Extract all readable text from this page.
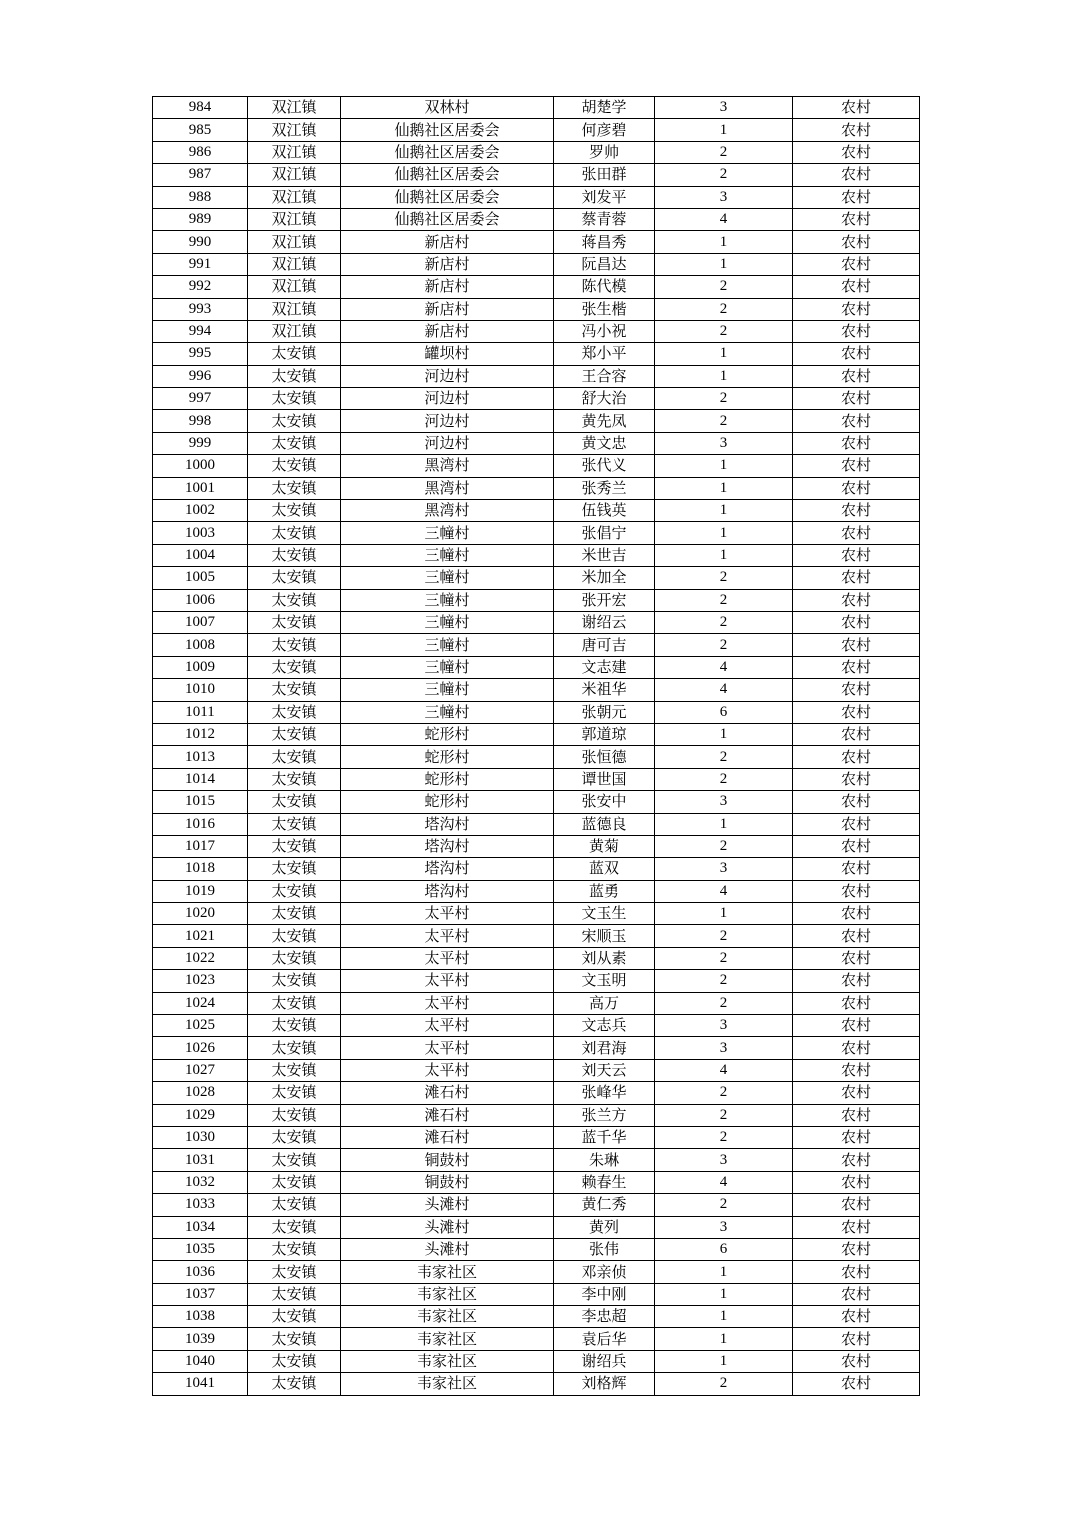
984	双江镇	双林村	胡楚学	3	农村
985	双江镇	仙鹅社区居委会	何彦碧	1	农村
986	双江镇	仙鹅社区居委会	罗帅	2	农村
987	双江镇	仙鹅社区居委会	张田群	2	农村
988	双江镇	仙鹅社区居委会	刘发平	3	农村
989	双江镇	仙鹅社区居委会	蔡青蓉	4	农村
990	双江镇	新店村	蒋昌秀	1	农村
991	双江镇	新店村	阮昌达	1	农村
992	双江镇	新店村	陈代模	2	农村
993	双江镇	新店村	张生楷	2	农村
994	双江镇	新店村	冯小祝	2	农村
995	太安镇	罐坝村	郑小平	1	农村
996	太安镇	河边村	王合容	1	农村
997	太安镇	河边村	舒大治	2	农村
998	太安镇	河边村	黄先凤	2	农村
999	太安镇	河边村	黄文忠	3	农村
1000	太安镇	黑湾村	张代义	1	农村
1001	太安镇	黑湾村	张秀兰	1	农村
1002	太安镇	黑湾村	伍钱英	1	农村
1003	太安镇	三幢村	张倡宁	1	农村
1004	太安镇	三幢村	米世吉	1	农村
1005	太安镇	三幢村	米加全	2	农村
1006	太安镇	三幢村	张开宏	2	农村
1007	太安镇	三幢村	谢绍云	2	农村
1008	太安镇	三幢村	唐可吉	2	农村
1009	太安镇	三幢村	文志建	4	农村
1010	太安镇	三幢村	米祖华	4	农村
1011	太安镇	三幢村	张朝元	6	农村
1012	太安镇	蛇形村	郭道琼	1	农村
1013	太安镇	蛇形村	张恒德	2	农村
1014	太安镇	蛇形村	谭世国	2	农村
1015	太安镇	蛇形村	张安中	3	农村
1016	太安镇	塔沟村	蓝德良	1	农村
1017	太安镇	塔沟村	黄菊	2	农村
1018	太安镇	塔沟村	蓝双	3	农村
1019	太安镇	塔沟村	蓝勇	4	农村
1020	太安镇	太平村	文玉生	1	农村
1021	太安镇	太平村	宋顺玉	2	农村
1022	太安镇	太平村	刘从素	2	农村
1023	太安镇	太平村	文玉明	2	农村
1024	太安镇	太平村	高万	2	农村
1025	太安镇	太平村	文志兵	3	农村
1026	太安镇	太平村	刘君海	3	农村
1027	太安镇	太平村	刘天云	4	农村
1028	太安镇	滩石村	张峰华	2	农村
1029	太安镇	滩石村	张兰方	2	农村
1030	太安镇	滩石村	蓝千华	2	农村
1031	太安镇	铜鼓村	朱琳	3	农村
1032	太安镇	铜鼓村	赖春生	4	农村
1033	太安镇	头滩村	黄仁秀	2	农村
1034	太安镇	头滩村	黄列	3	农村
1035	太安镇	头滩村	张伟	6	农村
1036	太安镇	韦家社区	邓亲侦	1	农村
1037	太安镇	韦家社区	李中刚	1	农村
1038	太安镇	韦家社区	李忠超	1	农村
1039	太安镇	韦家社区	袁后华	1	农村
1040	太安镇	韦家社区	谢绍兵	1	农村
1041	太安镇	韦家社区	刘格辉	2	农村
